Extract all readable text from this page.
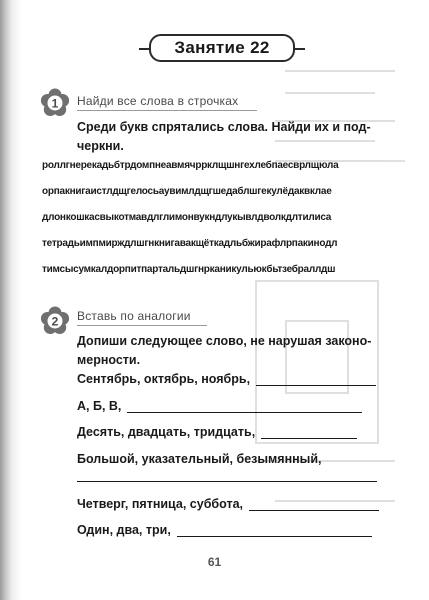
Занятие 22
1 Найди все слова в строчках
Среди букв спрятались слова. Найди их и под-
черкни.
роллгнерекадьбтрдомпнеавмячррклщшнгехлебпаесврлщюла
орпакнигаистлдщгелосьаувимлдщгшедаблшгекулёдаквклае
длонкошкасвыкотмавдлглимонвукндлукывлдволкдлтилиса
тетрадьимпмирждлшгнкнигавакщёткадльбжирафлрпакинодл
тимсысумкалдорпитпартальдшгнрканикульюкбьтзебраллдш
2 Вставь по аналогии
Допиши следующее слово, не нарушая законо-
мерности.
Сентябрь, октябрь, ноябрь,
А, Б, В,
Десять, двадцать, тридцать,
Большой, указательный, безымянный,
Четверг, пятница, суббота,
Один, два, три,
61
